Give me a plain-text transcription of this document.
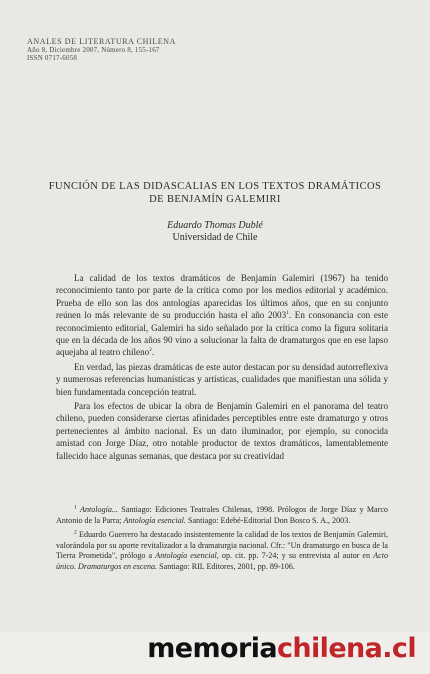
ANALES DE LITERATURA CHILENA
Año 8, Diciembre 2007, Número 8, 155-167
ISSN 0717-6058
FUNCIÓN DE LAS DIDASCALIAS EN LOS TEXTOS DRAMÁTICOS
DE BENJAMÍN GALEMIRI
Eduardo Thomas Dublé
Universidad de Chile

La calidad de los textos dramáticos de Benjamín Galemiri (1967) ha tenido reconocimiento tanto por parte de la crítica como por los medios editorial y académico. Prueba de ello son las dos antologías aparecidas los últimos años, que en su conjunto reúnen lo más relevante de su producción hasta el año 2003$^1$. En consonancia con este reconocimiento editorial, Galemiri ha sido señalado por la crítica como la figura solitaria que en la década de los años 90 vino a solucionar la falta de dramaturgos que en ese lapso aquejaba al teatro chileno$^2$.

En verdad, las piezas dramáticas de este autor destacan por su densidad autorreflexiva y numerosas referencias humanísticas y artísticas, cualidades que manifiestan una sólida y bien fundamentada concepción teatral.

Para los efectos de ubicar la obra de Benjamín Galemiri en el panorama del teatro chileno, pueden considerarse ciertas afinidades perceptibles entre este dramaturgo y otros pertenecientes al ámbito nacional. Es un dato iluminador, por ejemplo, su conocida amistad con Jorge Díaz, otro notable productor de textos dramáticos, lamentablemente fallecido hace algunas semanas, que destaca por su creatividad

$^1$ Antología... Santiago: Ediciones Teatrales Chilenas, 1998. Prólogos de Jorge Díaz y Marco Antonio de la Parra; Antología esencial. Santiago: Edebé-Editorial Don Bosco S. A., 2003.

$^2$ Eduardo Guerrero ha destacado insistentemente la calidad de los textos de Benjamín Galemiri, valorándola por su aporte revitalizador a la dramaturgia nacional. Cfr.: "Un dramaturgo en busca de la Tierra Prometida", prólogo a Antología esencial, op. cit. pp. 7-24; y su entrevista al autor en Acto único. Dramaturgos en escena. Santiago: RIL Editores, 2001, pp. 89-106.

memoriachilena.cl
